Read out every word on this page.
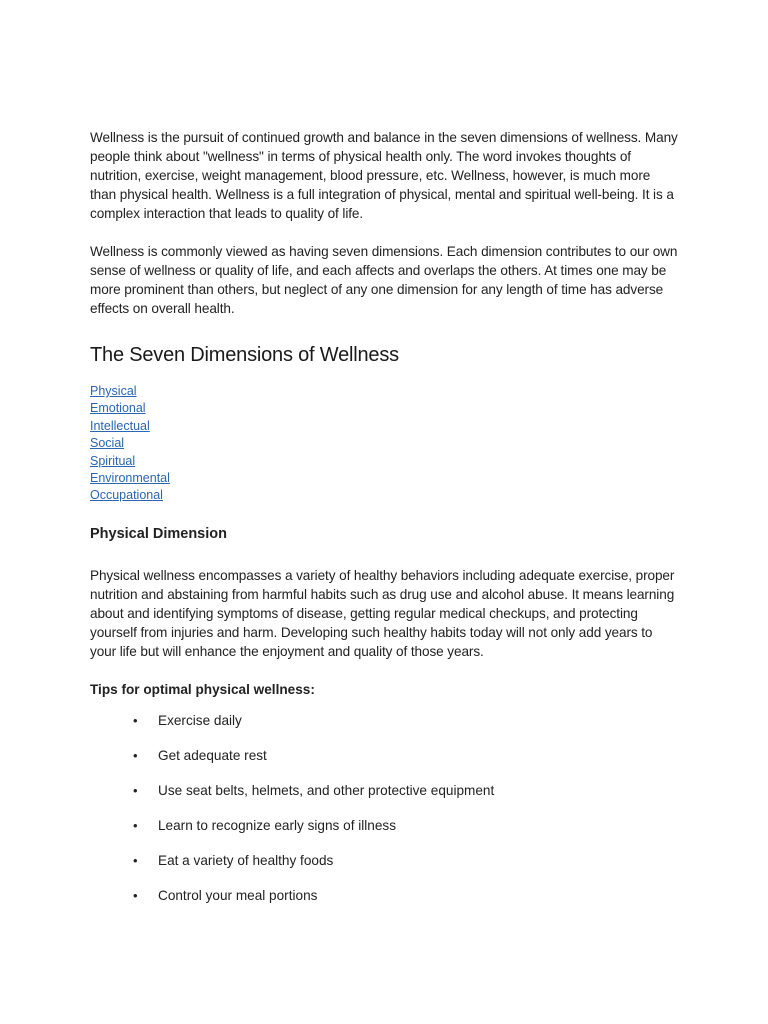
Wellness is the pursuit of continued growth and balance in the seven dimensions of wellness. Many people think about "wellness" in terms of physical health only. The word invokes thoughts of nutrition, exercise, weight management, blood pressure, etc. Wellness, however, is much more than physical health. Wellness is a full integration of physical, mental and spiritual well-being. It is a complex interaction that leads to quality of life.

Wellness is commonly viewed as having seven dimensions. Each dimension contributes to our own sense of wellness or quality of life, and each affects and overlaps the others. At times one may be more prominent than others, but neglect of any one dimension for any length of time has adverse effects on overall health.

The Seven Dimensions of Wellness
Physical
Emotional
Intellectual
Social
Spiritual
Environmental
Occupational
Physical Dimension

Physical wellness encompasses a variety of healthy behaviors including adequate exercise, proper nutrition and abstaining from harmful habits such as drug use and alcohol abuse. It means learning about and identifying symptoms of disease, getting regular medical checkups, and protecting yourself from injuries and harm. Developing such healthy habits today will not only add years to your life but will enhance the enjoyment and quality of those years.

Tips for optimal physical wellness:

• Exercise daily
• Get adequate rest
• Use seat belts, helmets, and other protective equipment
• Learn to recognize early signs of illness
• Eat a variety of healthy foods
• Control your meal portions
